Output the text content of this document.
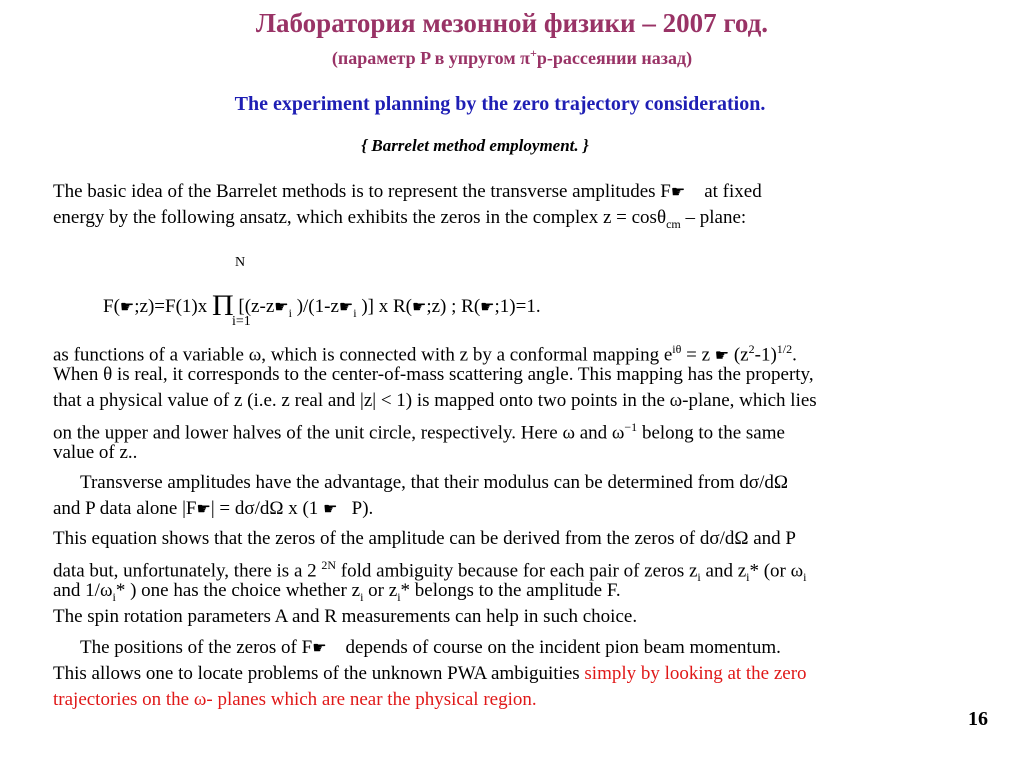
Лаборатория мезонной физики – 2007 год.
(параметр P в упругом π+p-рассеянии назад)
The experiment planning by the zero trajectory consideration.
{ Barrelet method employment. }
The basic idea of the Barrelet methods is to represent the transverse amplitudes F☛ at fixed
energy by the following ansatz, which exhibits the zeros in the complex z = cosθ$_{cm}$ – plane:
N
F(☛;z)=F(1)x Π [($z-z☛_i$ )$/(1-z☛_i$ )] x R(☛;z) ; R(☛;1)=1.
i=1
as functions of a variable ω, which is connected with z by a conformal mapping $e^{i\theta} = z$ ☛ $(z^2-1)^{1/2}$.
When θ is real, it corresponds to the center-of-mass scattering angle. This mapping has the property,
that a physical value of z (i.e. z real and |z| < 1) is mapped onto two points in the ω-plane, which lies
on the upper and lower halves of the unit circle, respectively. Here ω and $\omega^{-1}$ belong to the same
value of z..
Transverse amplitudes have the advantage, that their modulus can be determined from dσ/dΩ
and P data alone |F☛| = dσ/dΩ x (1 ☛ P).
This equation shows that the zeros of the amplitude can be derived from the zeros of dσ/dΩ and P
data but, unfortunately, there is a 2 $^{2N}$ fold ambiguity because for each pair of zeros $z_i$ and $z_i*$ (or $\omega_i$
and $1/\omega_i*$ ) one has the choice whether $z_i$ or $z_i*$ belongs to the amplitude F.
The spin rotation parameters A and R measurements can help in such choice.
The positions of the zeros of F☛ depends of course on the incident pion beam momentum.
This allows one to locate problems of the unknown PWA ambiguities simply by looking at the zero
trajectories on the ω- planes which are near the physical region.
16
